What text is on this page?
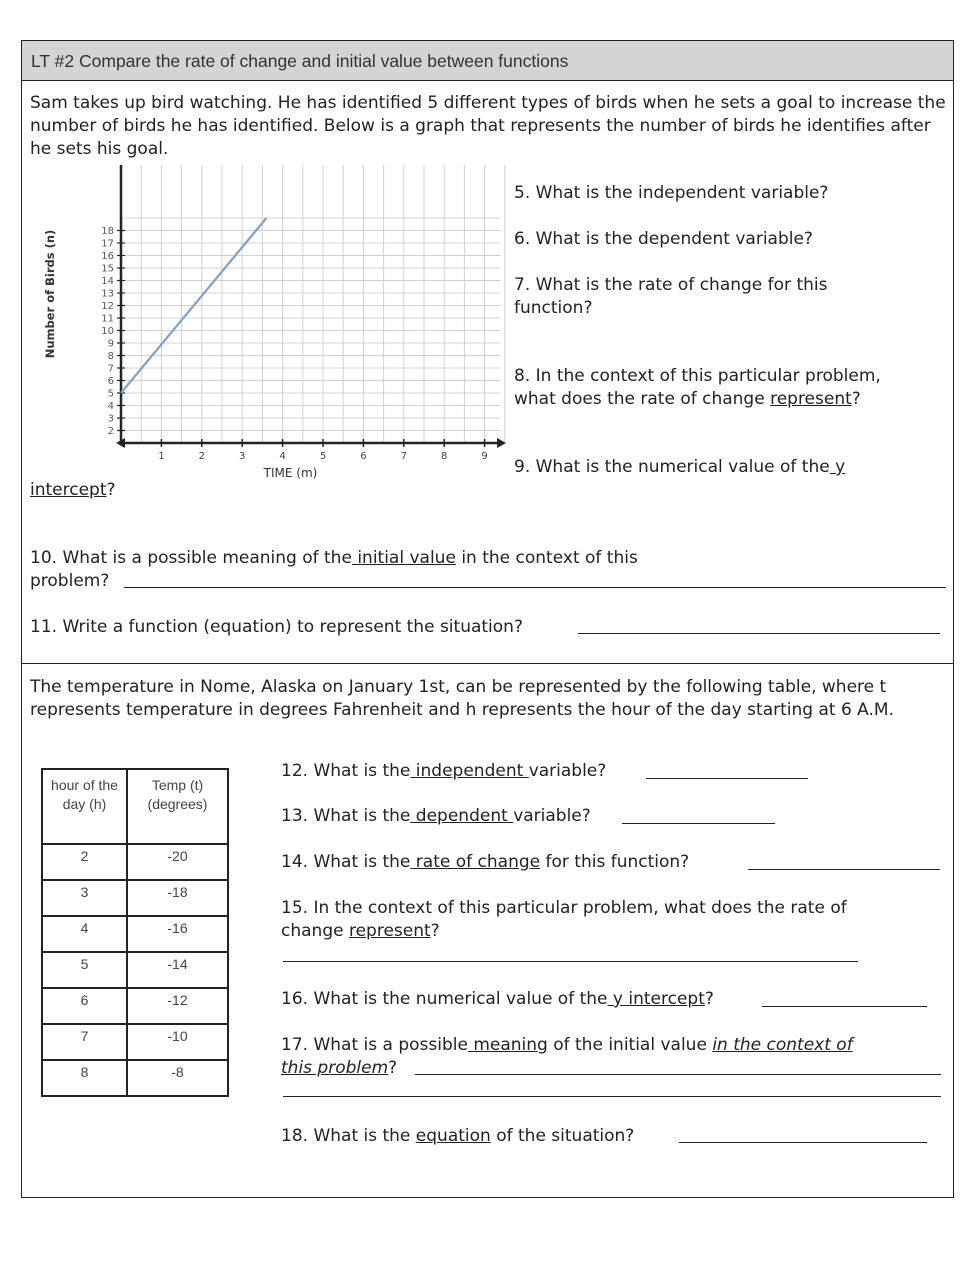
LT #2 Compare the rate of change and initial value between functions
Sam takes up bird watching. He has identified 5 different types of birds when he sets a goal to increase the number of birds he has identified. Below is a graph that represents the number of birds he identifies after he sets his goal.
1	2	3	4	5	6	7	8	9
2
3
4
5
6
7
8
9
10
11
12
13
14
15
16
17
18
TIME (m)
Number of Birds (n)
5. What is the independent variable?
6. What is the dependent variable?
7. What is the rate of change for this
function?
8. In the context of this particular problem,
what does the rate of change represent?
9. What is the numerical value of the y
intercept?
10. What is a possible meaning of the initial value in the context of this
problem?
11. Write a function (equation) to represent the situation?
The temperature in Nome, Alaska on January 1st, can be represented by the following table, where t represents temperature in degrees Fahrenheit and h represents the hour of the day starting at 6 A.M.
hour of the day (h)	Temp (t) (degrees)
2	-20
3	-18
4	-16
5	-14
6	-12
7	-10
8	-8
12. What is the independent variable?
13. What is the dependent variable?
14. What is the rate of change for this function?
15. In the context of this particular problem, what does the rate of
change represent?
16. What is the numerical value of the y intercept?
17. What is a possible meaning of the initial value in the context of
this problem?
18. What is the equation of the situation?
